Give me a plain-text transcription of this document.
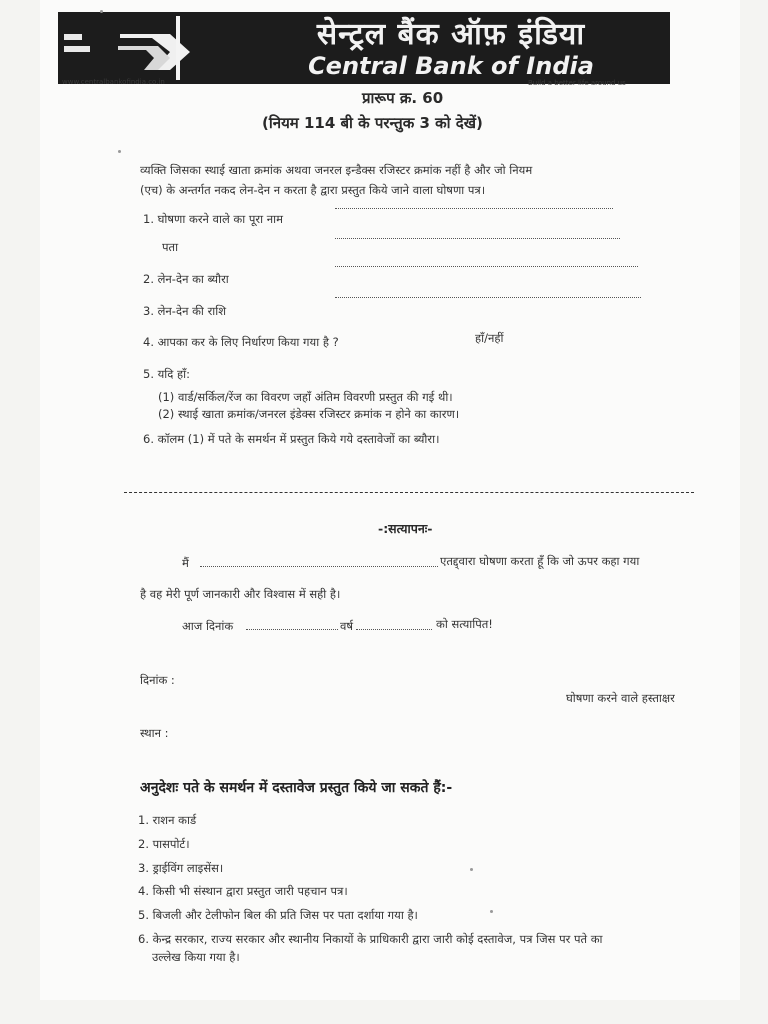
सेन्ट्रल बैंक ऑफ़ इंडिया
Central Bank of India
www.centralbankofindia.co.in	Build a better life around us
प्रारूप क्र. 60
(नियम 114 बी के परन्तुक 3 को देखें)
व्यक्ति जिसका स्थाई खाता क्रमांक अथवा जनरल इन्डैक्स रजिस्टर क्रमांक नहीं है और जो नियम
(एच) के अन्तर्गत नकद लेन-देन न करता है द्वारा प्रस्तुत किये जाने वाला घोषणा पत्र।
1. घोषणा करने वाले का पूरा नाम
पता
2. लेन-देन का ब्यौरा
3. लेन-देन की राशि
4. आपका कर के लिए निर्धारण किया गया है ?	हाँ/नहीं
5. यदि हाँ:
(1) वार्ड/सर्किल/रेंज का विवरण जहाँ अंतिम विवरणी प्रस्तुत की गई थी।
(2) स्थाई खाता क्रमांक/जनरल इंडेक्स रजिस्टर क्रमांक न होने का कारण।
6. कॉलम (1) में पते के समर्थन में प्रस्तुत किये गये दस्तावेजों का ब्यौरा।
-:सत्यापनः-
मैं	एतद्द्वारा घोषणा करता हूँ कि जो ऊपर कहा गया
है वह मेरी पूर्ण जानकारी और विश्वास में सही है।
आज दिनांक	वर्ष	को सत्यापित!
दिनांक :
घोषणा करने वाले हस्ताक्षर
स्थान :
अनुदेशः पते के समर्थन में दस्तावेज प्रस्तुत किये जा सकते हैं:-
1. राशन कार्ड
2. पासपोर्ट।
3. ड्राईविंग लाइसेंस।
4. किसी भी संस्थान द्वारा प्रस्तुत जारी पहचान पत्र।
5. बिजली और टेलीफोन बिल की प्रति जिस पर पता दर्शाया गया है।
6. केन्द्र सरकार, राज्य सरकार और स्थानीय निकायों के प्राधिकारी द्वारा जारी कोई दस्तावेज, पत्र जिस पर पते का
उल्लेख किया गया है।
